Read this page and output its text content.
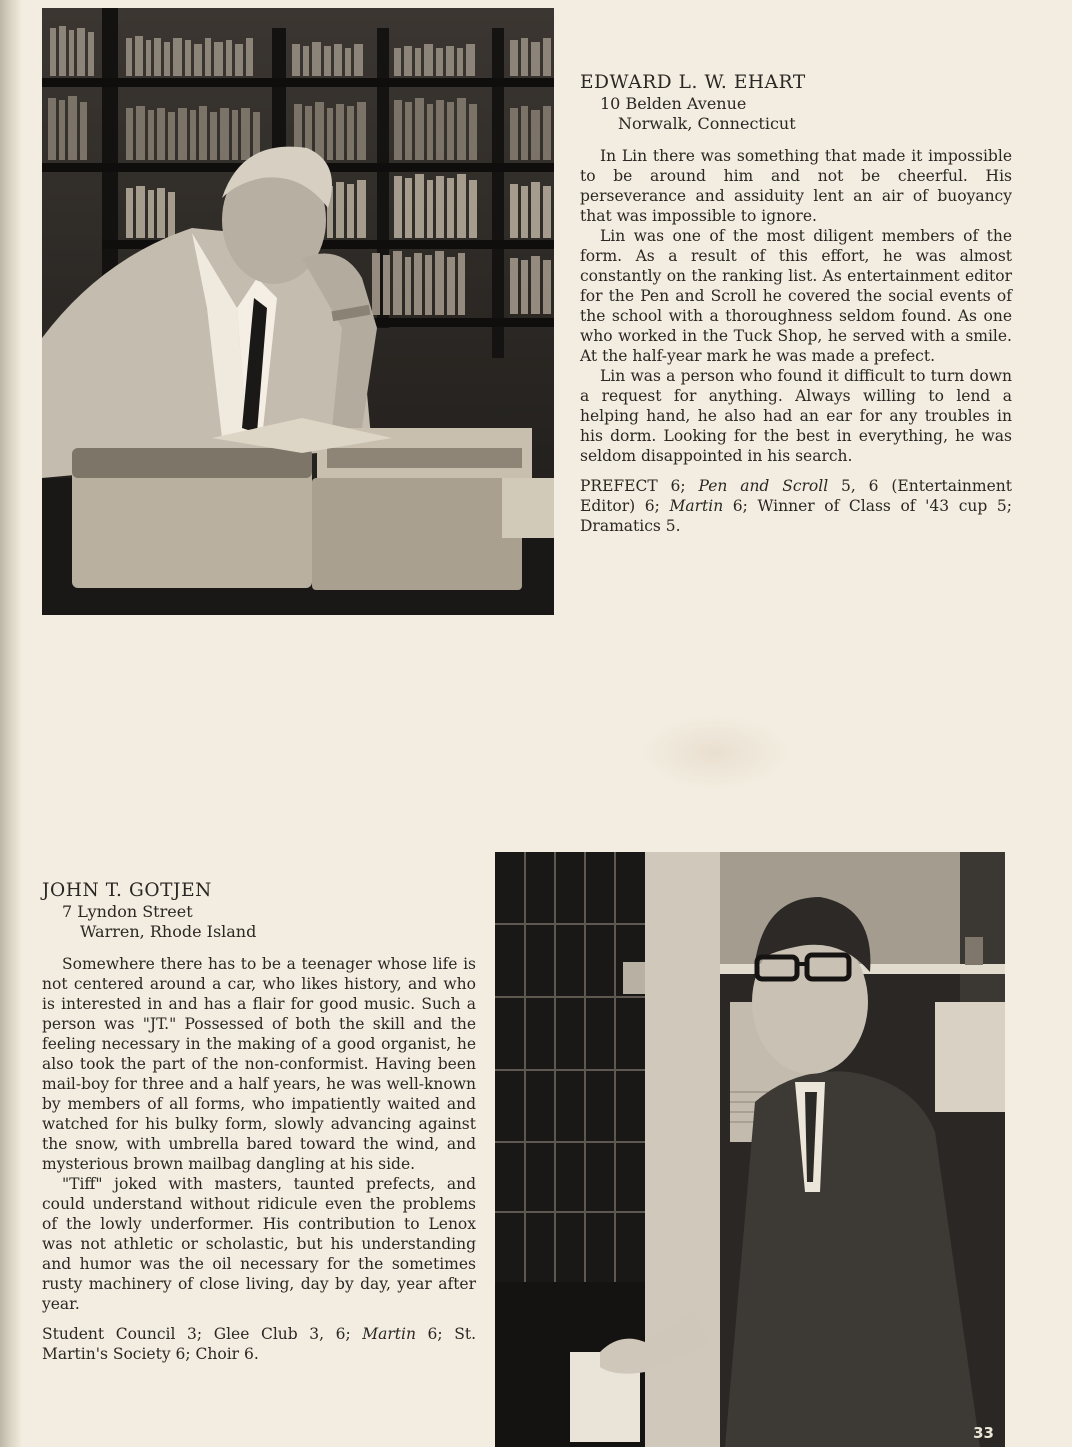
EDWARD L. W. EHART
10 Belden Avenue
Norwalk, Connecticut

In Lin there was something that made it impossible to be around him and not be cheerful. His perseverance and assiduity lent an air of buoyancy that was impossible to ignore.

Lin was one of the most diligent members of the form. As a result of this effort, he was almost constantly on the ranking list. As entertainment editor for the Pen and Scroll he covered the social events of the school with a thoroughness seldom found. As one who worked in the Tuck Shop, he served with a smile. At the half-year mark he was made a prefect.

Lin was a person who found it difficult to turn down a request for anything. Always willing to lend a helping hand, he also had an ear for any troubles in his dorm. Looking for the best in everything, he was seldom disappointed in his search.

PREFECT 6; Pen and Scroll 5, 6 (Entertainment Editor) 6; Martin 6; Winner of Class of '43 cup 5; Dramatics 5.
JOHN T. GOTJEN
7 Lyndon Street
Warren, Rhode Island

Somewhere there has to be a teenager whose life is not centered around a car, who likes history, and who is interested in and has a flair for good music. Such a person was "JT." Possessed of both the skill and the feeling necessary in the making of a good organist, he also took the part of the non-conformist. Having been mail-boy for three and a half years, he was well-known by members of all forms, who impatiently waited and watched for his bulky form, slowly advancing against the snow, with umbrella bared toward the wind, and mysterious brown mailbag dangling at his side.

"Tiff" joked with masters, taunted prefects, and could understand without ridicule even the problems of the lowly underformer. His contribution to Lenox was not athletic or scholastic, but his understanding and humor was the oil necessary for the sometimes rusty machinery of close living, day by day, year after year.

Student Council 3; Glee Club 3, 6; Martin 6; St. Martin's Society 6; Choir 6.
33
